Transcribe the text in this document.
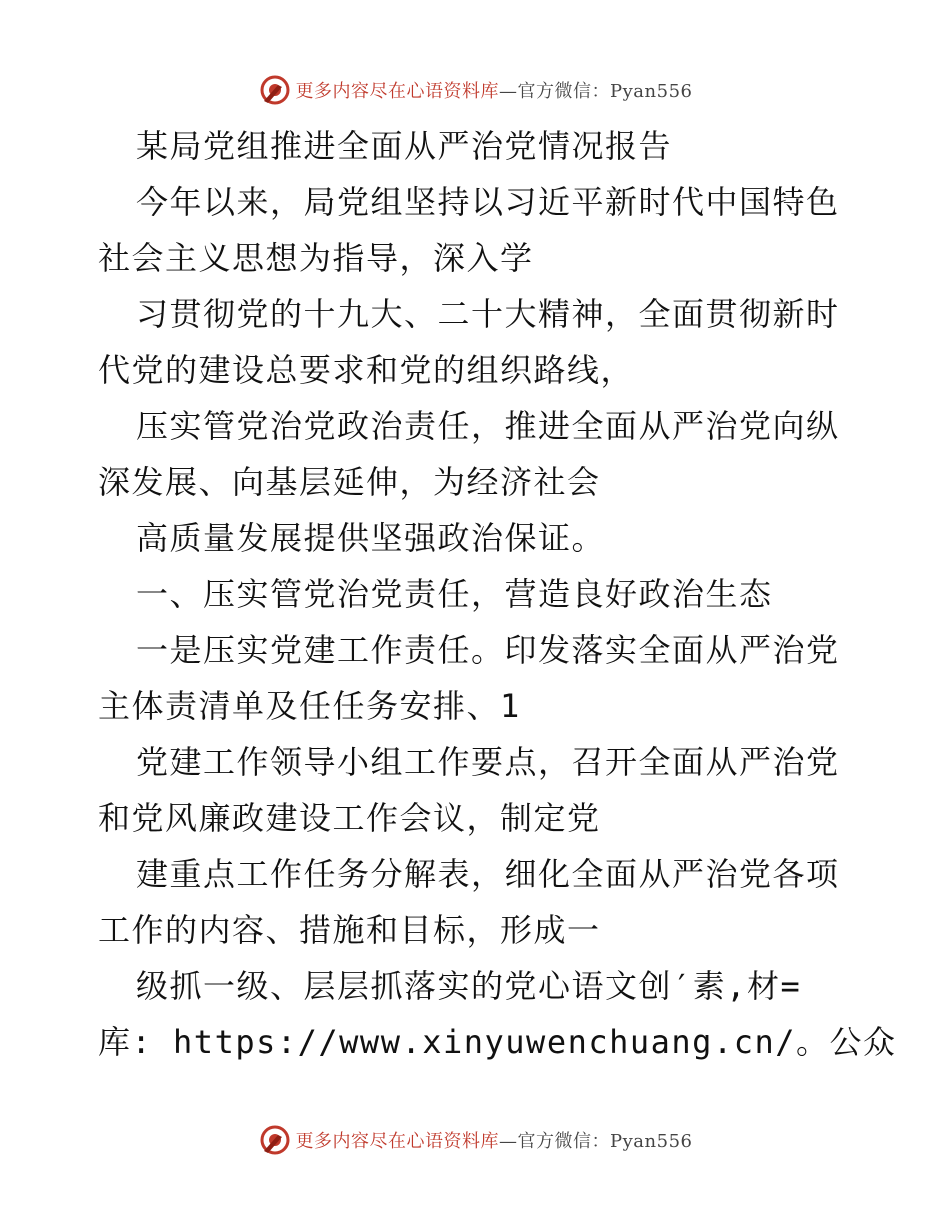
更多内容尽在心语资料库—官方微信：Pyan556
某局党组推进全面从严治党情况报告
今年以来，局党组坚持以习近平新时代中国特色
社会主义思想为指导，深入学
习贯彻党的十九大、二十大精神，全面贯彻新时
代党的建设总要求和党的组织路线，
压实管党治党政治责任，推进全面从严治党向纵
深发展、向基层延伸，为经济社会
高质量发展提供坚强政治保证。
一、压实管党治党责任，营造良好政治生态
一是压实党建工作责任。印发落实全面从严治党
主体责清单及任任务安排、1
党建工作领导小组工作要点，召开全面从严治党
和党风廉政建设工作会议，制定党
建重点工作任务分解表，细化全面从严治党各项
工作的内容、措施和目标，形成一
级抓一级、层层抓落实的党心语文创′素,材=
库: https://www.xinyuwenchuang.cn/。公众
更多内容尽在心语资料库—官方微信：Pyan556
